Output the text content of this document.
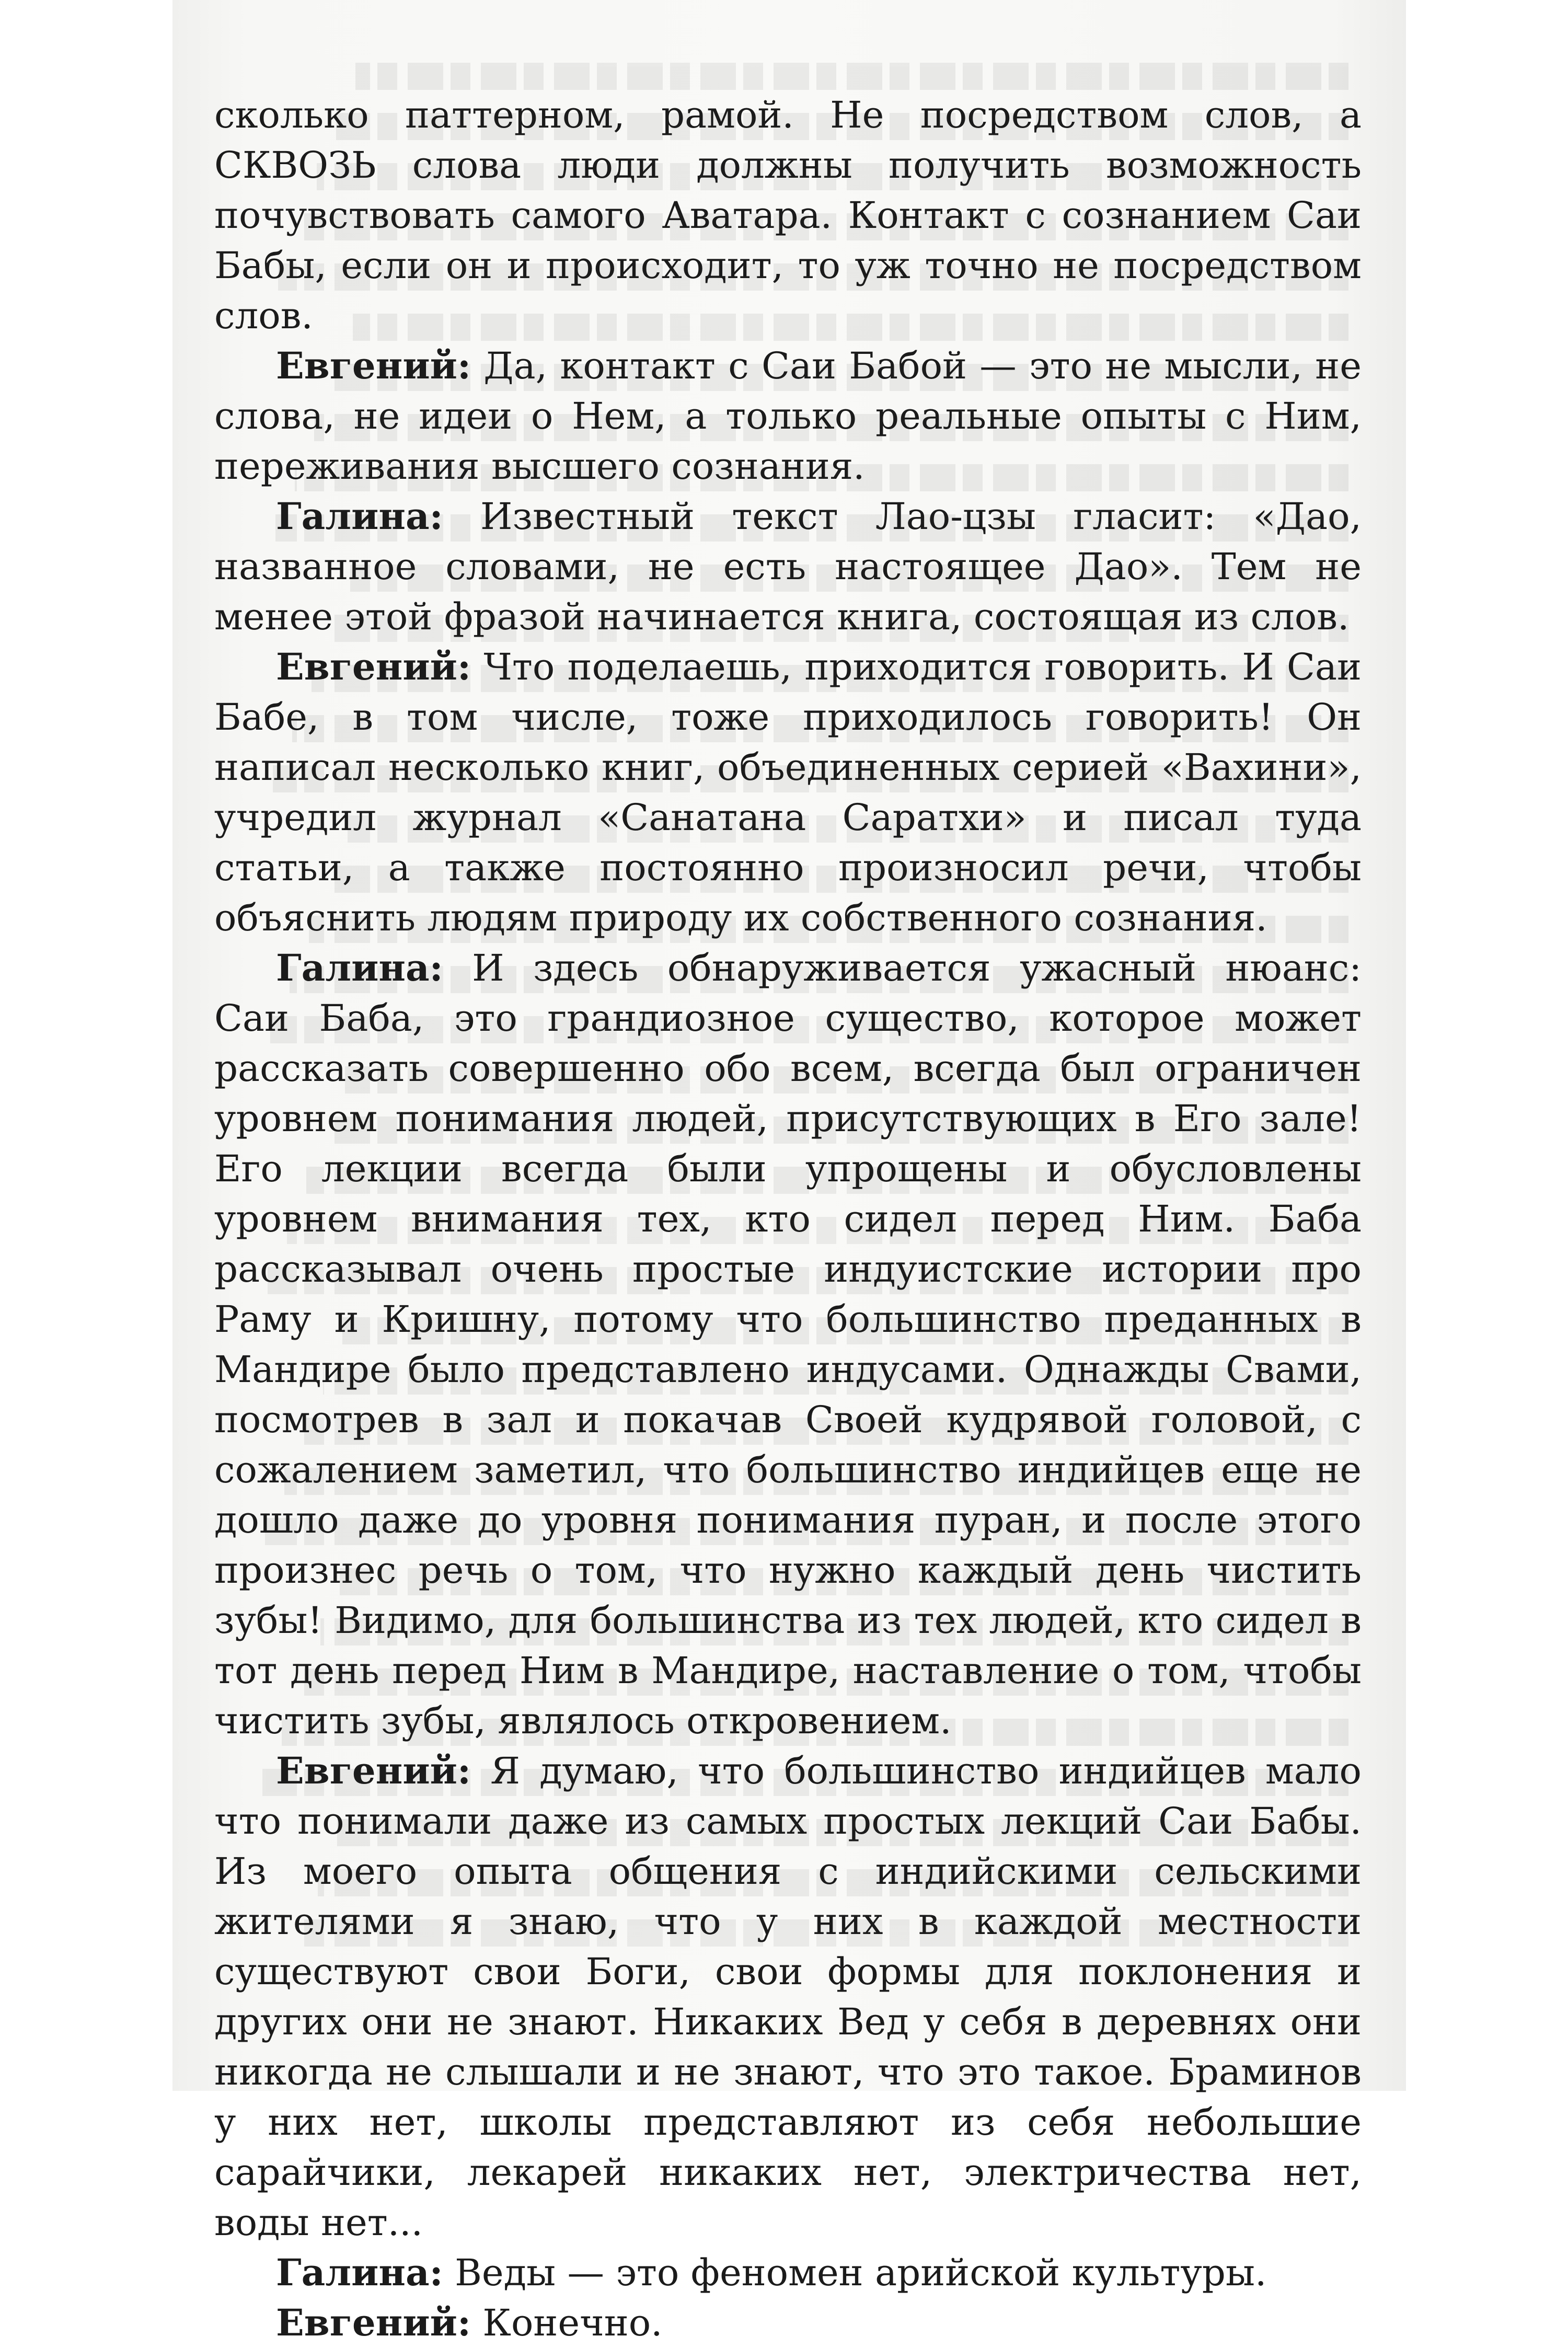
сколько паттерном, рамой. Не посредством слов, а СКВОЗЬ слова люди должны получить возможность почувствовать самого Аватара. Контакт с сознанием Саи Бабы, если он и происходит, то уж точно не посредством слов.

Евгений: Да, контакт с Саи Бабой — это не мысли, не слова, не идеи о Нем, а только реальные опыты с Ним, переживания высшего сознания.

Галина: Известный текст Лао-цзы гласит: «Дао, названное словами, не есть настоящее Дао». Тем не менее этой фразой начинается книга, состоящая из слов.

Евгений: Что поделаешь, приходится говорить. И Саи Бабе, в том числе, тоже приходилось говорить! Он написал несколько книг, объединенных серией «Вахини», учредил журнал «Санатана Саратхи» и писал туда статьи, а также постоянно произносил речи, чтобы объяснить людям природу их собственного сознания.

Галина: И здесь обнаруживается ужасный нюанс: Саи Баба, это грандиозное существо, которое может рассказать совершенно обо всем, всегда был ограничен уровнем понимания людей, присутствующих в Его зале! Его лекции всегда были упрощены и обусловлены уровнем внимания тех, кто сидел перед Ним. Баба рассказывал очень простые индуистские истории про Раму и Кришну, потому что большинство преданных в Мандире было представлено индусами. Однажды Свами, посмотрев в зал и покачав Своей кудрявой головой, с сожалением заметил, что большинство индийцев еще не дошло даже до уровня понимания пуран, и после этого произнес речь о том, что нужно каждый день чистить зубы! Видимо, для большинства из тех людей, кто сидел в тот день перед Ним в Мандире, наставление о том, чтобы чистить зубы, являлось откровением.

Евгений: Я думаю, что большинство индийцев мало что понимали даже из самых простых лекций Саи Бабы. Из моего опыта общения с индийскими сельскими жителями я знаю, что у них в каждой местности существуют свои Боги, свои формы для поклонения и других они не знают. Никаких Вед у себя в деревнях они никогда не слышали и не знают, что это такое. Браминов у них нет, школы представляют из себя небольшие сарайчики, лекарей никаких нет, электричества нет, воды нет...

Галина: Веды — это феномен арийской культуры.

Евгений: Конечно.
